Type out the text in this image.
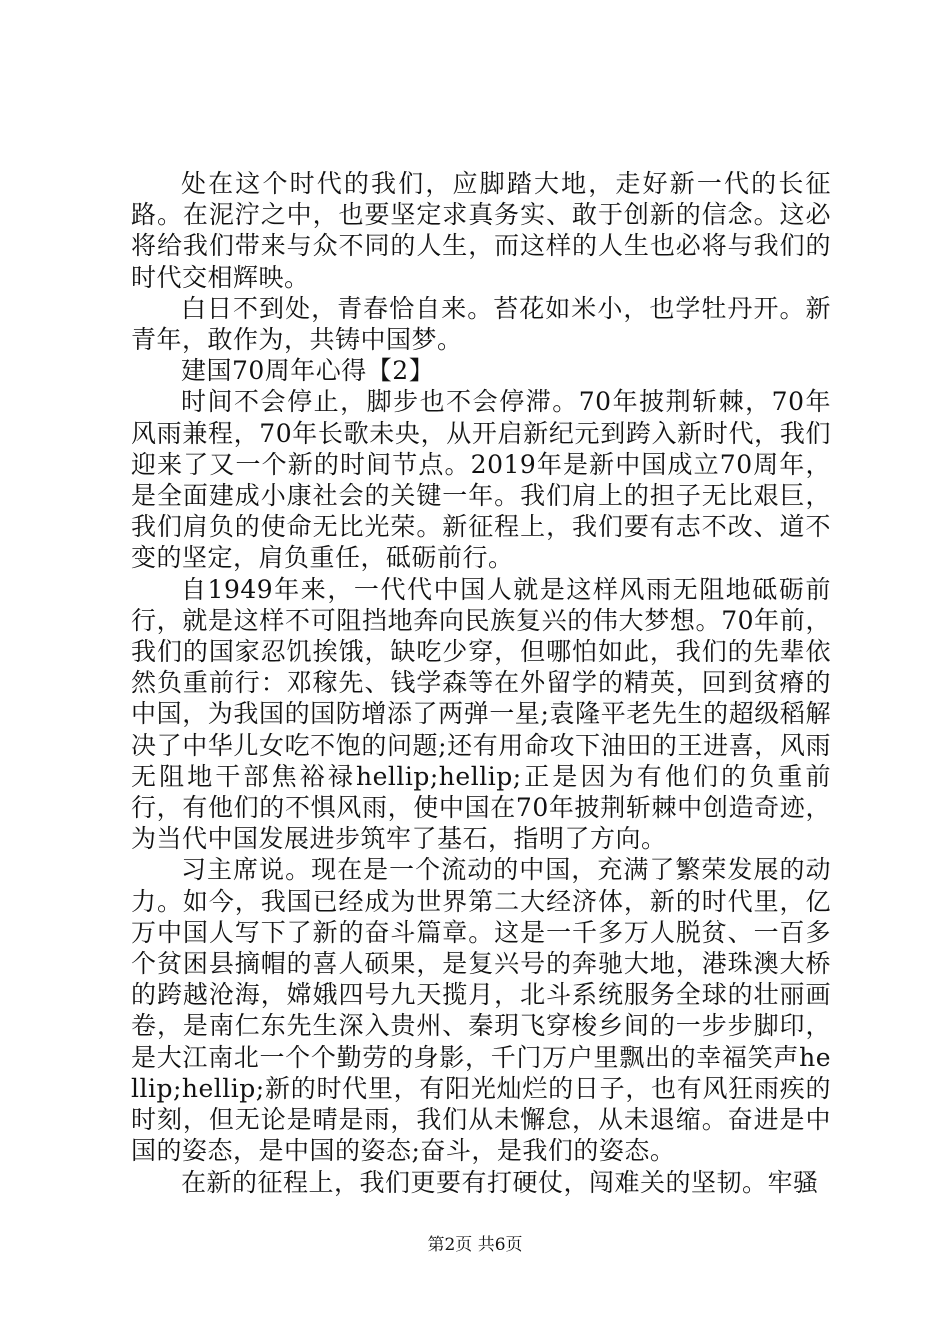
处在这个时代的我们，应脚踏大地，走好新一代的长征路。在泥泞之中，也要坚定求真务实、敢于创新的信念。这必将给我们带来与众不同的人生，而这样的人生也必将与我们的时代交相辉映。

白日不到处，青春恰自来。苔花如米小，也学牡丹开。新青年，敢作为，共铸中国梦。

建国70周年心得【2】

时间不会停止，脚步也不会停滞。70年披荆斩棘，70年风雨兼程，70年长歌未央，从开启新纪元到跨入新时代，我们迎来了又一个新的时间节点。2019年是新中国成立70周年，是全面建成小康社会的关键一年。我们肩上的担子无比艰巨，我们肩负的使命无比光荣。新征程上，我们要有志不改、道不变的坚定，肩负重任，砥砺前行。

自1949年来，一代代中国人就是这样风雨无阻地砥砺前行，就是这样不可阻挡地奔向民族复兴的伟大梦想。70年前，我们的国家忍饥挨饿，缺吃少穿，但哪怕如此，我们的先辈依然负重前行：邓稼先、钱学森等在外留学的精英，回到贫瘠的中国，为我国的国防增添了两弹一星;袁隆平老先生的超级稻解决了中华儿女吃不饱的问题;还有用命攻下油田的王进喜，风雨无阻地干部焦裕禄hellip;hellip;正是因为有他们的负重前行，有他们的不惧风雨，使中国在70年披荆斩棘中创造奇迹，为当代中国发展进步筑牢了基石，指明了方向。

习主席说。现在是一个流动的中国，充满了繁荣发展的动力。如今，我国已经成为世界第二大经济体，新的时代里，亿万中国人写下了新的奋斗篇章。这是一千多万人脱贫、一百多个贫困县摘帽的喜人硕果，是复兴号的奔驰大地，港珠澳大桥的跨越沧海，嫦娥四号九天揽月，北斗系统服务全球的壮丽画卷，是南仁东先生深入贵州、秦玥飞穿梭乡间的一步步脚印，是大江南北一个个勤劳的身影，千门万户里飘出的幸福笑声hellip;hellip;新的时代里，有阳光灿烂的日子，也有风狂雨疾的时刻，但无论是晴是雨，我们从未懈怠，从未退缩。奋进是中国的姿态，是中国的姿态;奋斗，是我们的姿态。

在新的征程上，我们更要有打硬仗，闯难关的坚韧。牢骚

第2页 共6页
